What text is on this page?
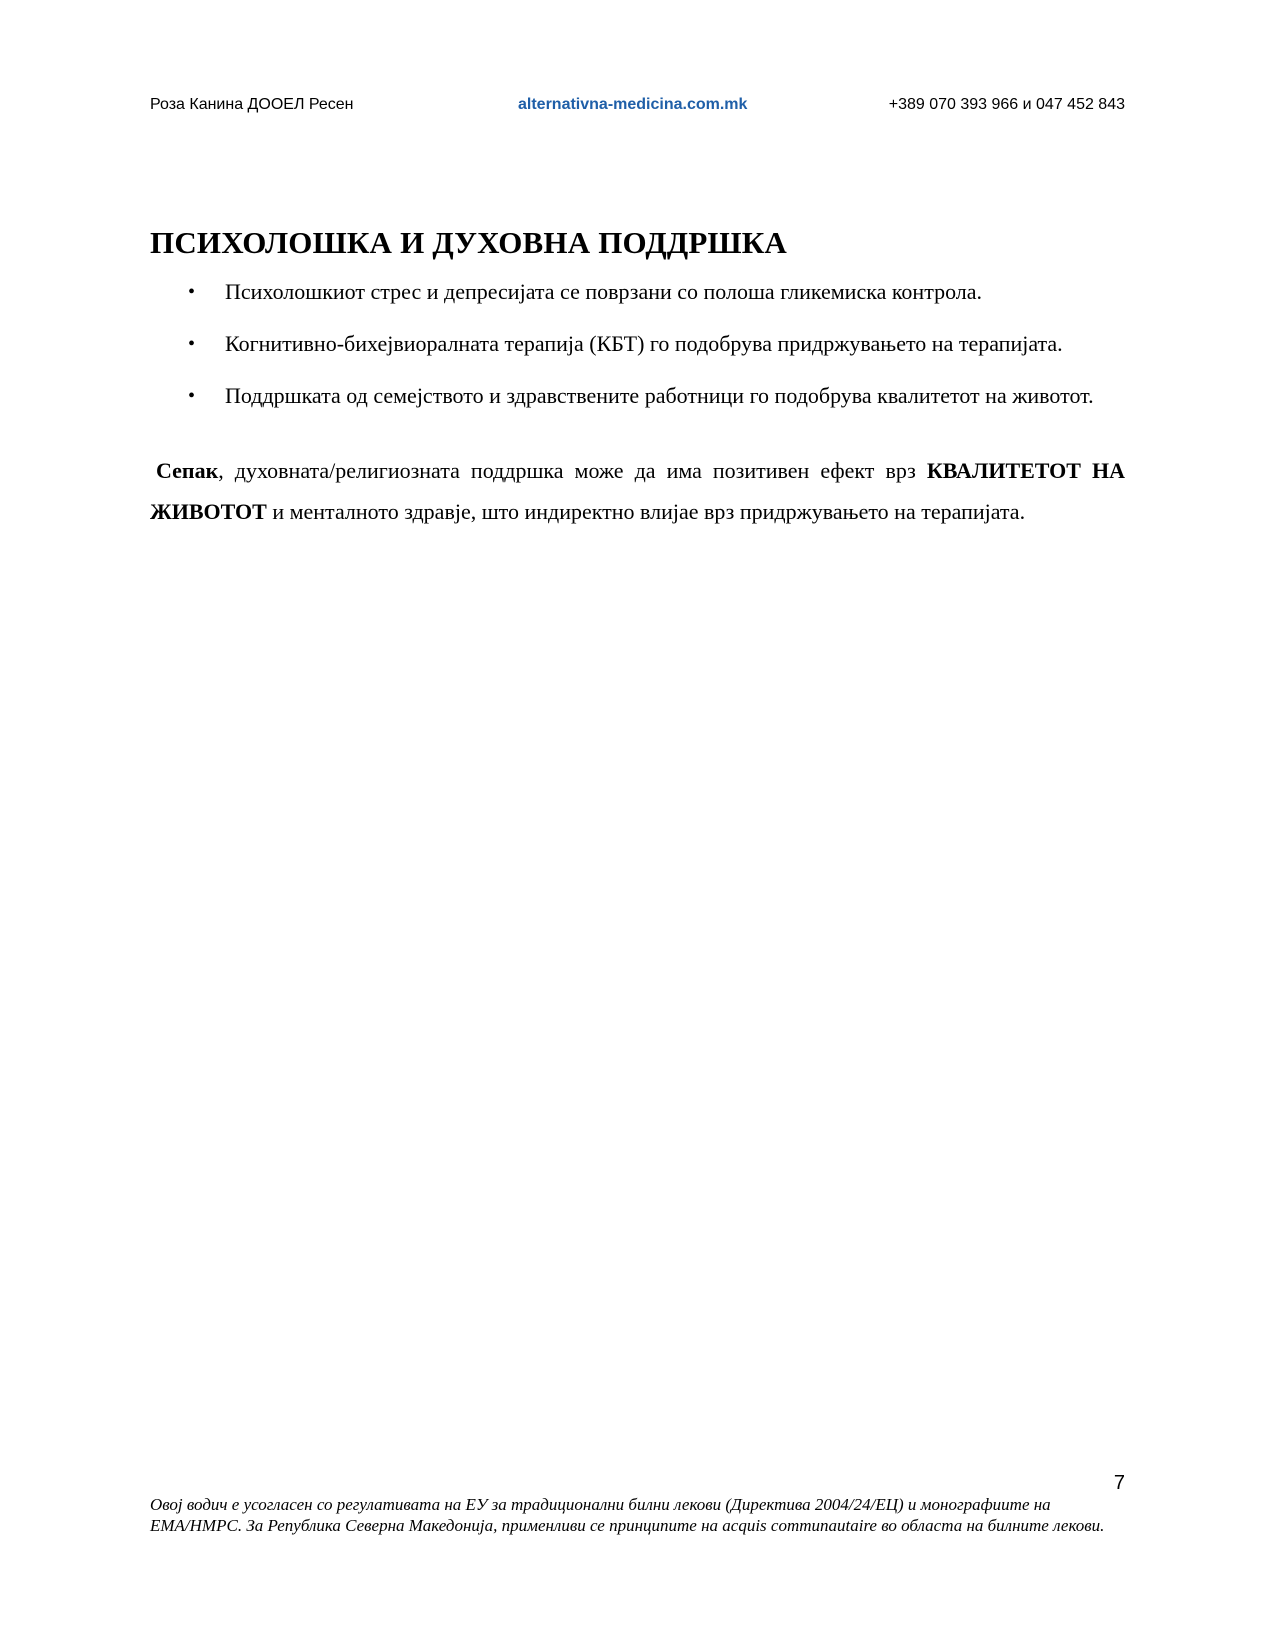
Роза Канина ДООЕЛ Ресен	alternativna-medicina.com.mk	+389 070 393 966 и 047 452 843
ПСИХОЛОШКА И ДУХОВНА ПОДДРШКА
• Психолошкиот стрес и депресијата се поврзани со полоша гликемиска контрола.
• Когнитивно-бихејвиоралната терапија (КБТ) го подобрува придржувањето на терапијата.
• Поддршката од семејството и здравствените работници го подобрува квалитетот на животот.

Сепак, духовната/религиозната поддршка може да има позитивен ефект врз КВАЛИТЕТОТ НА ЖИВОТОТ и менталното здравје, што индиректно влијае врз придржувањето на терапијата.

7
Овој водич е усогласен со регулативата на ЕУ за традиционални билни лекови (Директива 2004/24/ЕЦ) и монографиите на ЕМА/HMPC. За Република Северна Македонија, применливи се принципите на acquis communautaire во областа на билните лекови.
